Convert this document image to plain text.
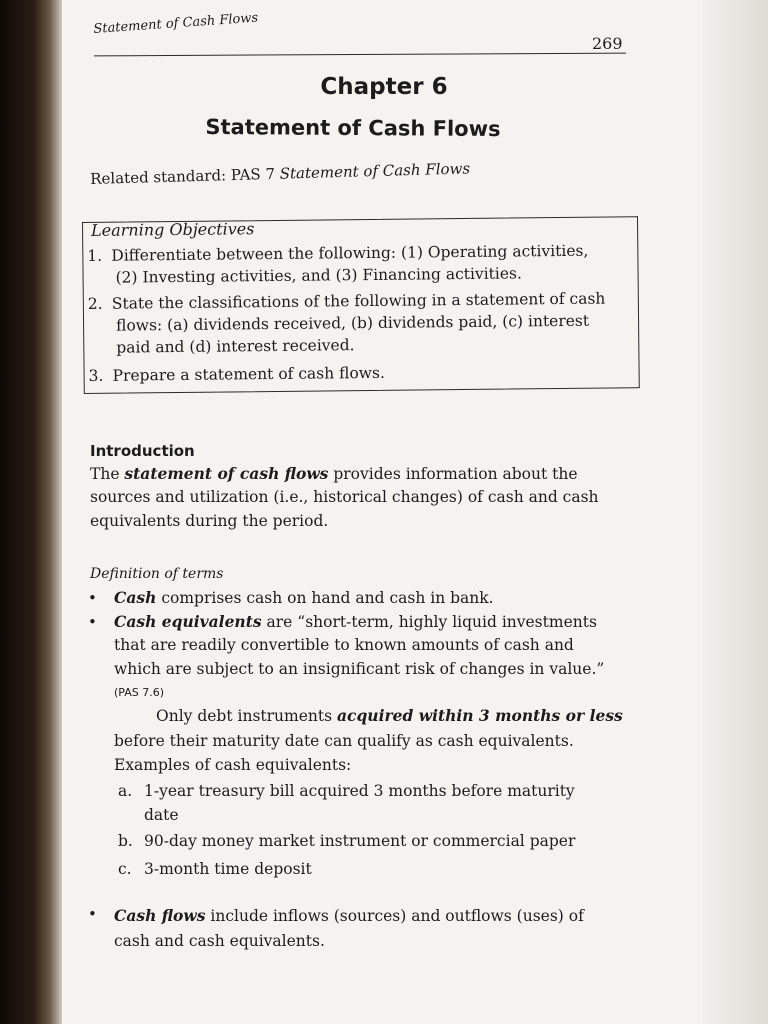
Statement of Cash Flows
269
Chapter 6
Statement of Cash Flows
Related standard: PAS 7 Statement of Cash Flows
Learning Objectives
1. Differentiate between the following: (1) Operating activities,
(2) Investing activities, and (3) Financing activities.
2. State the classifications of the following in a statement of cash
flows: (a) dividends received, (b) dividends paid, (c) interest
paid and (d) interest received.
3. Prepare a statement of cash flows.
Introduction
The statement of cash flows provides information about the
sources and utilization (i.e., historical changes) of cash and cash
equivalents during the period.
Definition of terms
• Cash comprises cash on hand and cash in bank.
• Cash equivalents are “short-term, highly liquid investments
that are readily convertible to known amounts of cash and
which are subject to an insignificant risk of changes in value.”
(PAS 7.6)
Only debt instruments acquired within 3 months or less
before their maturity date can qualify as cash equivalents.
Examples of cash equivalents:
a. 1-year treasury bill acquired 3 months before maturity
date
b. 90-day money market instrument or commercial paper
c. 3-month time deposit
• Cash flows include inflows (sources) and outflows (uses) of
cash and cash equivalents.
